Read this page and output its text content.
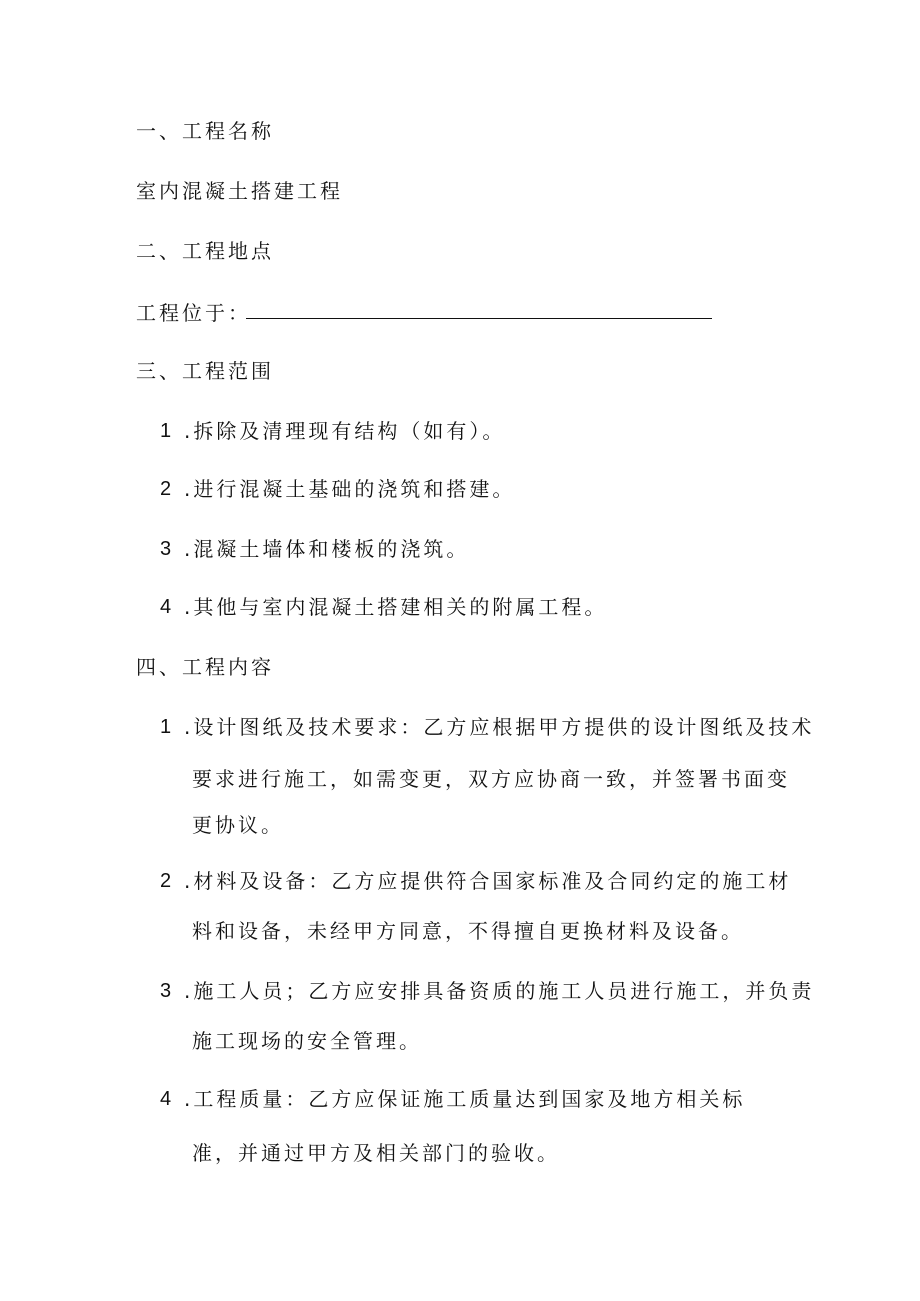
一、工程名称
室内混凝土搭建工程
二、工程地点
工程位于：
三、工程范围
1 .拆除及清理现有结构（如有）。
2 .进行混凝土基础的浇筑和搭建。
3 .混凝土墙体和楼板的浇筑。
4 .其他与室内混凝土搭建相关的附属工程。
四、工程内容
1 .设计图纸及技术要求：乙方应根据甲方提供的设计图纸及技术
要求进行施工，如需变更，双方应协商一致，并签署书面变
更协议。
2 .材料及设备：乙方应提供符合国家标准及合同约定的施工材
料和设备，未经甲方同意，不得擅自更换材料及设备。
3 .施工人员；乙方应安排具备资质的施工人员进行施工，并负责
施工现场的安全管理。
4 .工程质量：乙方应保证施工质量达到国家及地方相关标
准，并通过甲方及相关部门的验收。
